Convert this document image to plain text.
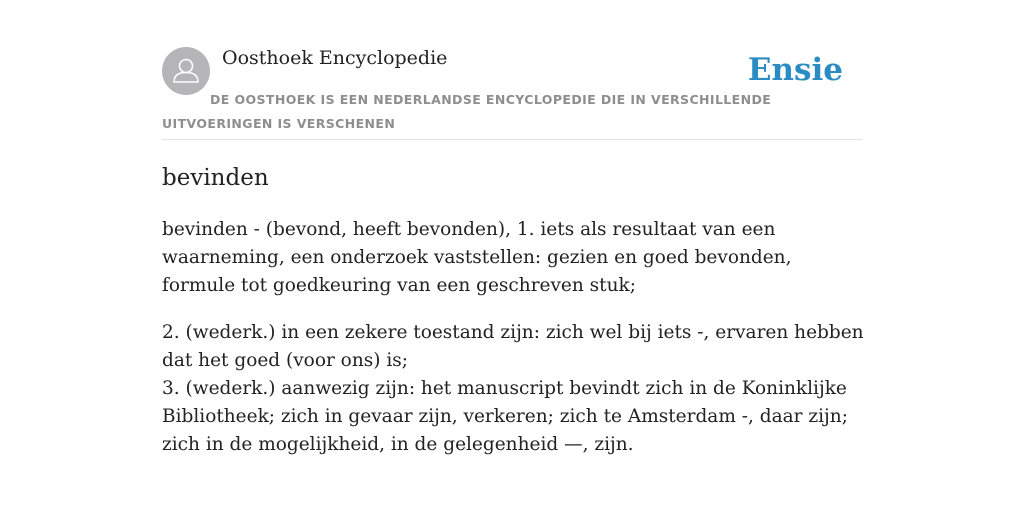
Oosthoek Encyclopedie	Ensie
DE OOSTHOEK IS EEN NEDERLANDSE ENCYCLOPEDIE DIE IN VERSCHILLENDE UITVOERINGEN IS VERSCHENEN
bevinden

bevinden - (bevond, heeft bevonden), 1. iets als resultaat van een waarneming, een onderzoek vaststellen: gezien en goed bevonden, formule tot goedkeuring van een geschreven stuk;

2. (wederk.) in een zekere toestand zijn: zich wel bij iets -, ervaren hebben dat het goed (voor ons) is;

3. (wederk.) aanwezig zijn: het manuscript bevindt zich in de Koninklijke Bibliotheek; zich in gevaar zijn, verkeren; zich te Amsterdam -, daar zijn; zich in de mogelijkheid, in de gelegenheid —, zijn.
